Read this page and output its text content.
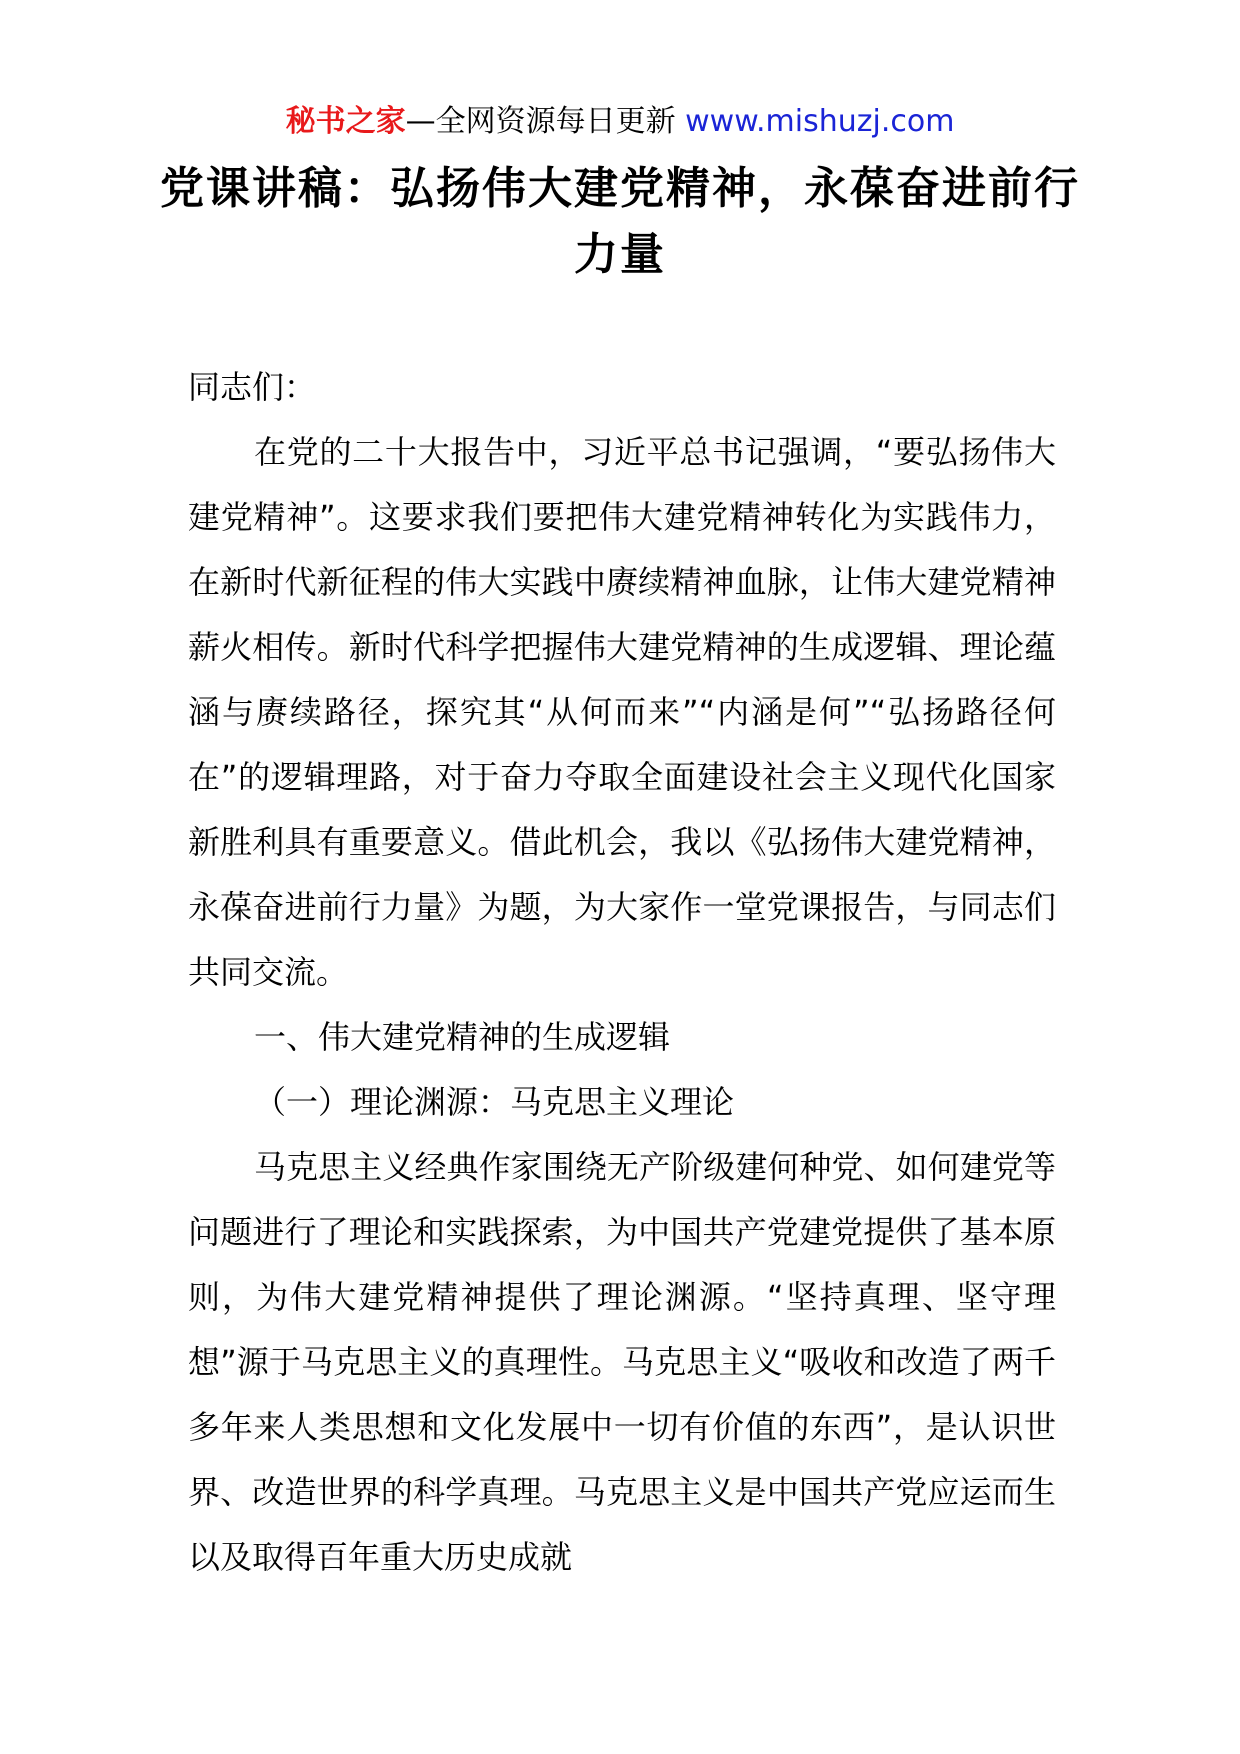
秘书之家—全网资源每日更新 www.mishuzj.com
党课讲稿：弘扬伟大建党精神，永葆奋进前行力量

同志们：

在党的二十大报告中，习近平总书记强调，“要弘扬伟大建党精神”。这要求我们要把伟大建党精神转化为实践伟力，在新时代新征程的伟大实践中赓续精神血脉，让伟大建党精神薪火相传。新时代科学把握伟大建党精神的生成逻辑、理论蕴涵与赓续路径，探究其“从何而来”“内涵是何”“弘扬路径何在”的逻辑理路，对于奋力夺取全面建设社会主义现代化国家新胜利具有重要意义。借此机会，我以《弘扬伟大建党精神，永葆奋进前行力量》为题，为大家作一堂党课报告，与同志们共同交流。

一、伟大建党精神的生成逻辑

（一）理论渊源：马克思主义理论

马克思主义经典作家围绕无产阶级建何种党、如何建党等问题进行了理论和实践探索，为中国共产党建党提供了基本原则，为伟大建党精神提供了理论渊源。“坚持真理、坚守理想”源于马克思主义的真理性。马克思主义“吸收和改造了两千多年来人类思想和文化发展中一切有价值的东西”，是认识世界、改造世界的科学真理。马克思主义是中国共产党应运而生以及取得百年重大历史成就
